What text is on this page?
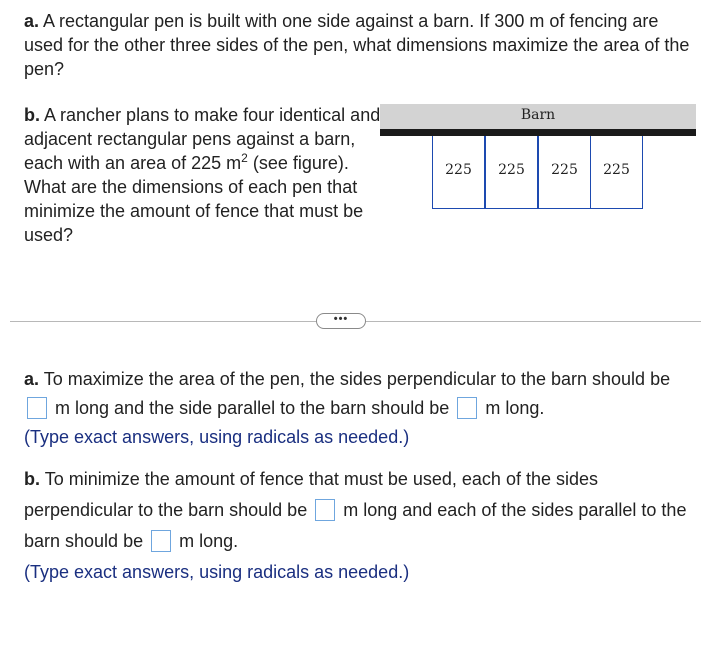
a. A rectangular pen is built with one side against a barn. If 300 m of fencing are used for the other three sides of the pen, what dimensions maximize the area of the pen?
b. A rancher plans to make four identical and adjacent rectangular pens against a barn, each with an area of 225 $m^2$ (see figure). What are the dimensions of each pen that minimize the amount of fence that must be used?
Barn
225	225	225	225
•••
a. To maximize the area of the pen, the sides perpendicular to the barn should be  m long and the side parallel to the barn should be m long.
(Type exact answers, using radicals as needed.)
b. To minimize the amount of fence that must be used, each of the sides perpendicular to the barn should be m long and each of the sides parallel to the barn should be m long.
(Type exact answers, using radicals as needed.)
